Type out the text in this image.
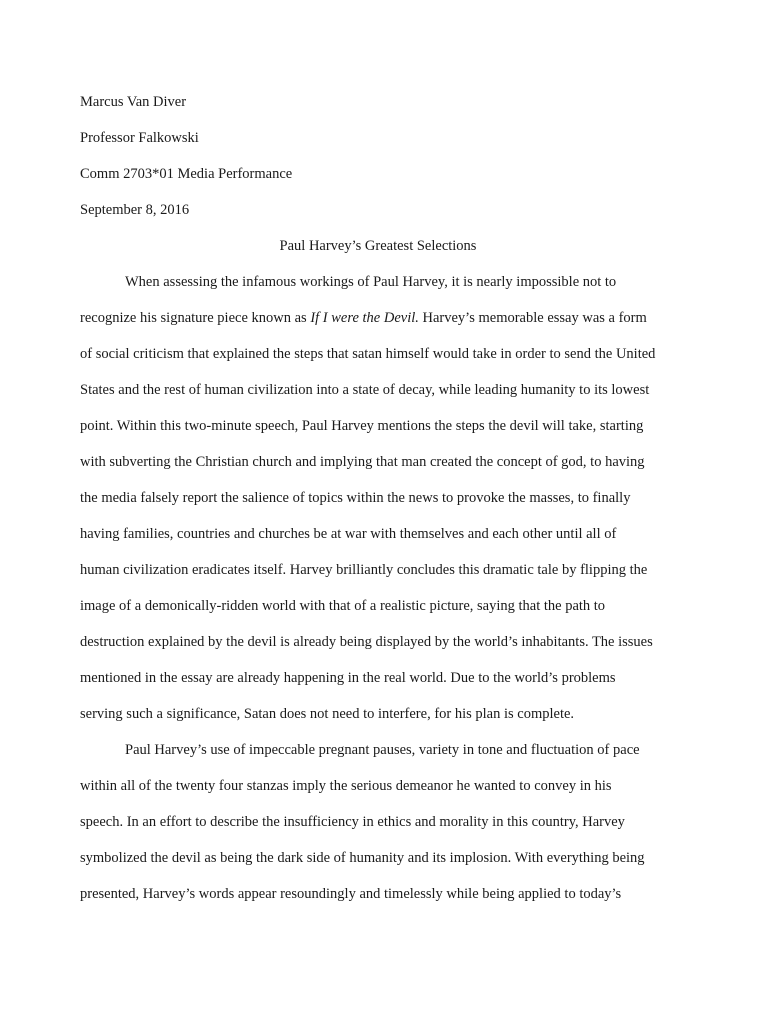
Marcus Van Diver
Professor Falkowski
Comm 2703*01 Media Performance
September 8, 2016
Paul Harvey’s Greatest Selections
When assessing the infamous workings of Paul Harvey, it is nearly impossible not to
recognize his signature piece known as If I were the Devil. Harvey’s memorable essay was a form
of social criticism that explained the steps that satan himself would take in order to send the United
States and the rest of human civilization into a state of decay, while leading humanity to its lowest
point. Within this two-minute speech, Paul Harvey mentions the steps the devil will take, starting
with subverting the Christian church and implying that man created the concept of god, to having
the media falsely report the salience of topics within the news to provoke the masses, to finally
having families, countries and churches be at war with themselves and each other until all of
human civilization eradicates itself. Harvey brilliantly concludes this dramatic tale by flipping the
image of a demonically-ridden world with that of a realistic picture, saying that the path to
destruction explained by the devil is already being displayed by the world’s inhabitants. The issues
mentioned in the essay are already happening in the real world. Due to the world’s problems
serving such a significance, Satan does not need to interfere, for his plan is complete.
Paul Harvey’s use of impeccable pregnant pauses, variety in tone and fluctuation of pace
within all of the twenty four stanzas imply the serious demeanor he wanted to convey in his
speech. In an effort to describe the insufficiency in ethics and morality in this country, Harvey
symbolized the devil as being the dark side of humanity and its implosion. With everything being
presented, Harvey’s words appear resoundingly and timelessly while being applied to today’s
